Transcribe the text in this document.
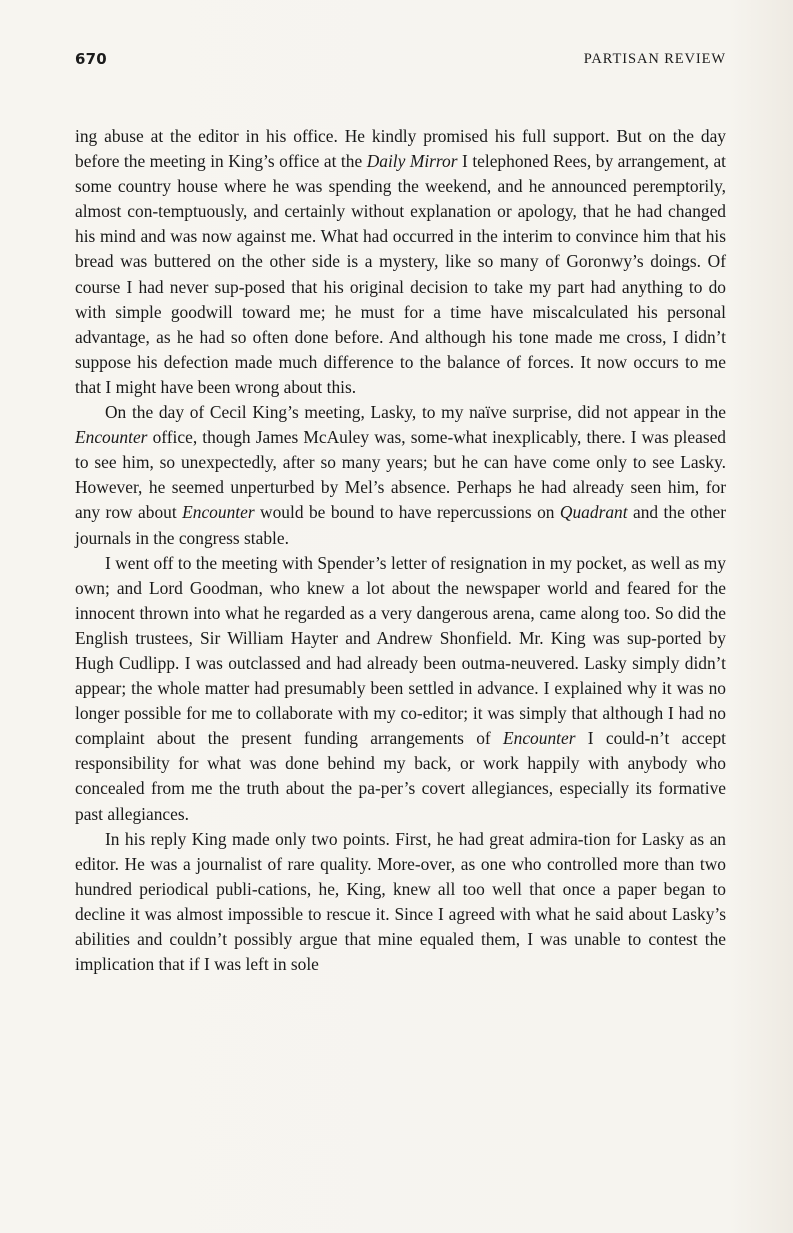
670	PARTISAN REVIEW

ing abuse at the editor in his office. He kindly promised his full support. But on the day before the meeting in King’s office at the Daily Mirror I telephoned Rees, by arrangement, at some country house where he was spending the weekend, and he announced peremptorily, almost con-temptuously, and certainly without explanation or apology, that he had changed his mind and was now against me. What had occurred in the interim to convince him that his bread was buttered on the other side is a mystery, like so many of Goronwy’s doings. Of course I had never sup-posed that his original decision to take my part had anything to do with simple goodwill toward me; he must for a time have miscalculated his personal advantage, as he had so often done before. And although his tone made me cross, I didn’t suppose his defection made much difference to the balance of forces. It now occurs to me that I might have been wrong about this.

On the day of Cecil King’s meeting, Lasky, to my naïve surprise, did not appear in the Encounter office, though James McAuley was, some-what inexplicably, there. I was pleased to see him, so unexpectedly, after so many years; but he can have come only to see Lasky. However, he seemed unperturbed by Mel’s absence. Perhaps he had already seen him, for any row about Encounter would be bound to have repercussions on Quadrant and the other journals in the congress stable.

I went off to the meeting with Spender’s letter of resignation in my pocket, as well as my own; and Lord Goodman, who knew a lot about the newspaper world and feared for the innocent thrown into what he regarded as a very dangerous arena, came along too. So did the English trustees, Sir William Hayter and Andrew Shonfield. Mr. King was sup-ported by Hugh Cudlipp. I was outclassed and had already been outma-neuvered. Lasky simply didn’t appear; the whole matter had presumably been settled in advance. I explained why it was no longer possible for me to collaborate with my co-editor; it was simply that although I had no complaint about the present funding arrangements of Encounter I could-n’t accept responsibility for what was done behind my back, or work happily with anybody who concealed from me the truth about the pa-per’s covert allegiances, especially its formative past allegiances.

In his reply King made only two points. First, he had great admira-tion for Lasky as an editor. He was a journalist of rare quality. More-over, as one who controlled more than two hundred periodical publi-cations, he, King, knew all too well that once a paper began to decline it was almost impossible to rescue it. Since I agreed with what he said about Lasky’s abilities and couldn’t possibly argue that mine equaled them, I was unable to contest the implication that if I was left in sole
